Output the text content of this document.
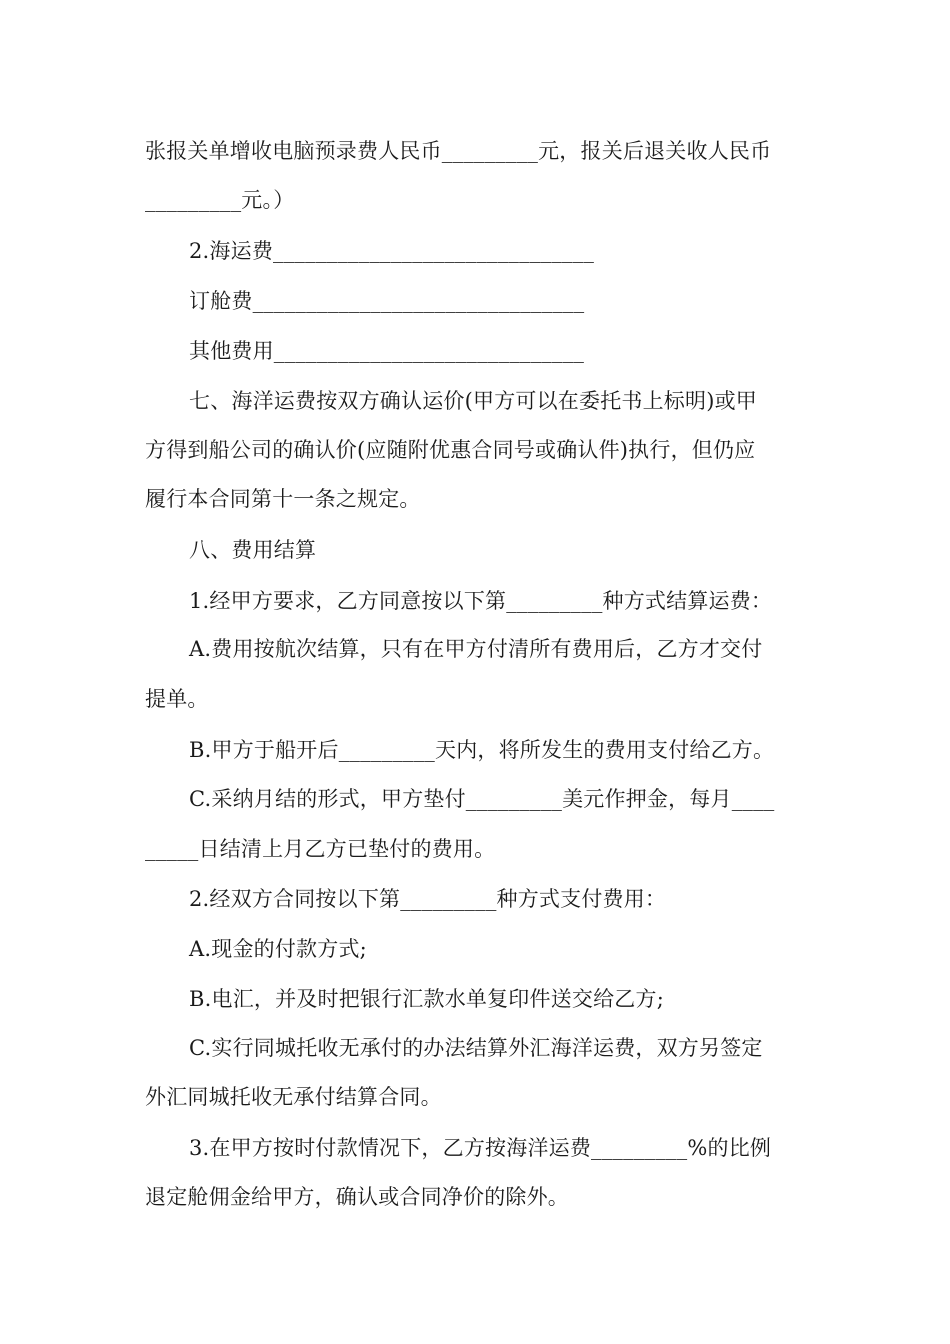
张报关单增收电脑预录费人民币_________元，报关后退关收人民币
_________元。）
2.海运费______________________________
订舱费_______________________________
其他费用_____________________________
七、海洋运费按双方确认运价(甲方可以在委托书上标明)或甲
方得到船公司的确认价(应随附优惠合同号或确认件)执行，但仍应
履行本合同第十一条之规定。
八、费用结算
1.经甲方要求，乙方同意按以下第_________种方式结算运费：
A.费用按航次结算，只有在甲方付清所有费用后，乙方才交付
提单。
B.甲方于船开后_________天内，将所发生的费用支付给乙方。
C.采纳月结的形式，甲方垫付_________美元作押金，每月____
_____日结清上月乙方已垫付的费用。
2.经双方合同按以下第_________种方式支付费用：
A.现金的付款方式;
B.电汇，并及时把银行汇款水单复印件送交给乙方;
C.实行同城托收无承付的办法结算外汇海洋运费，双方另签定
外汇同城托收无承付结算合同。
3.在甲方按时付款情况下，乙方按海洋运费_________%的比例
退定舱佣金给甲方，确认或合同净价的除外。
